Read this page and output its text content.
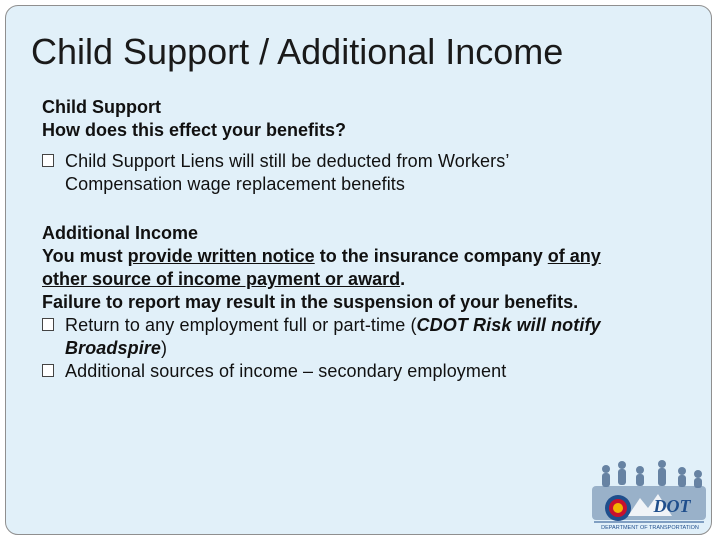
Child Support / Additional Income
Child Support
How does this effect your benefits?
Child Support Liens will still be deducted from Workers’
Compensation wage replacement benefits
Additional Income
You must provide written notice to the insurance company of any
other source of income payment or award.
Failure to report may result in the suspension of your benefits.
Return to any employment full or part-time (CDOT Risk will notify
Broadspire)
Additional sources of income – secondary employment
DOT
DEPARTMENT OF TRANSPORTATION
